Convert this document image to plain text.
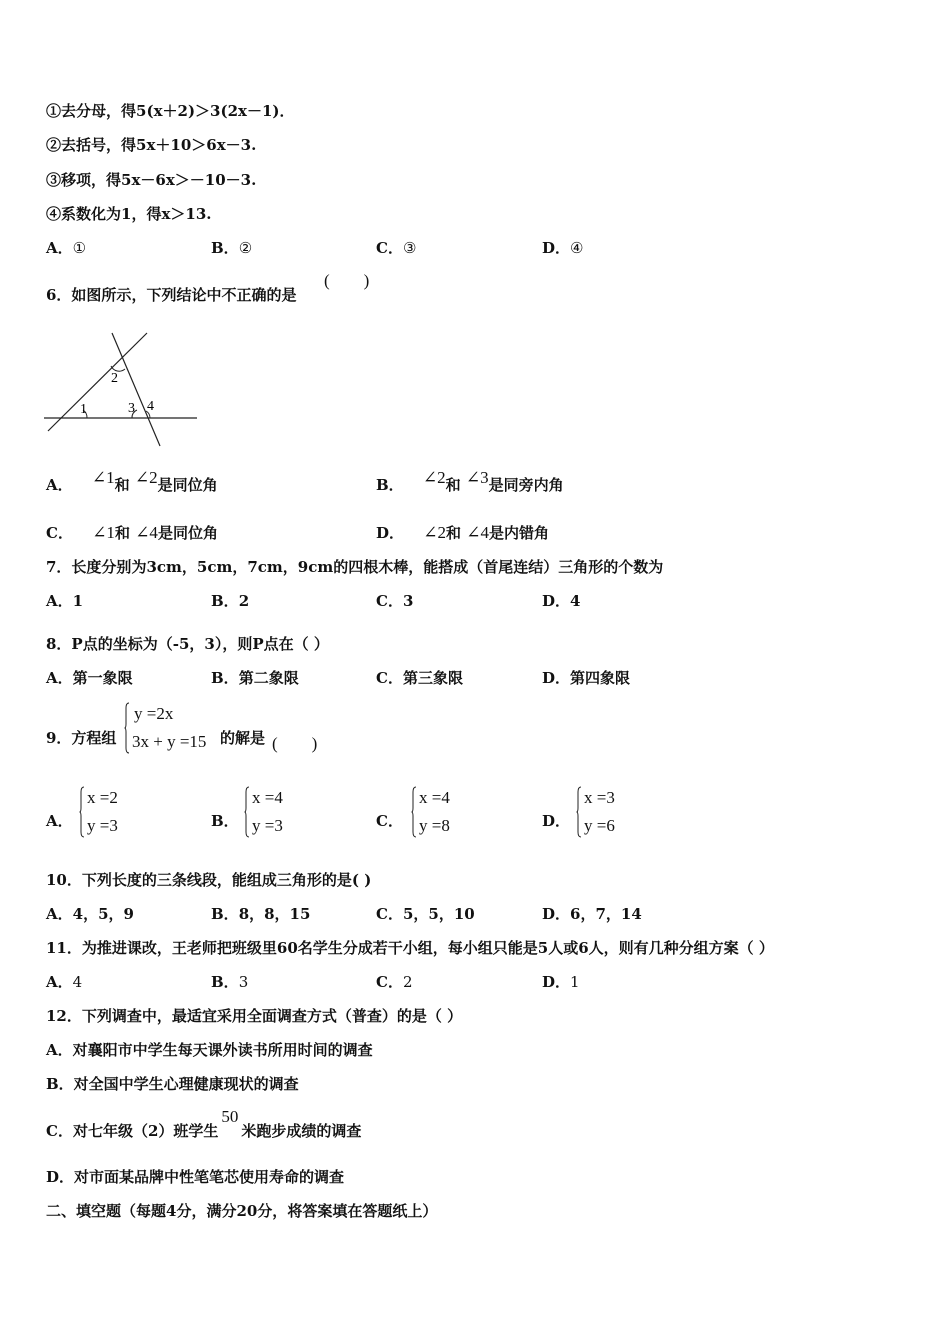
①去分母，得5(x＋2)＞3(2x－1)．
②去括号，得5x＋10＞6x－3.
③移项，得5x－6x＞－10－3.
④系数化为1，得x＞13.
A．①	B．②	C．③	D．④
6．如图所示，下列结论中不正确的是
(        )
1
2
3 4
A． ∠1和 ∠2是同位角	B． ∠2和 ∠3是同旁内角
C． ∠1和 ∠4是同位角	D． ∠2和 ∠4是内错角
7．长度分别为3cm，5cm，7cm，9cm的四根木棒，能搭成（首尾连结）三角形的个数为
A．1	B．2	C．3	D．4
8．P点的坐标为（-5，3），则P点在（ ）
A．第一象限	B．第二象限	C．第三象限	D．第四象限
9．方程组
y =2x
3x + y =15 的解是 (        )
A．
x =2
y =3	B．
x =4
y =3	C．
x =4
y =8	D．
x =3
y =6
10．下列长度的三条线段，能组成三角形的是( )
A．4，5，9	B．8，8，15	C．5，5，10	D．6，7，14
11．为推进课改，王老师把班级里60名学生分成若干小组，每小组只能是5人或6人，则有几种分组方案（ ）
A．4	B．3	C．2	D．1
12．下列调查中，最适宜采用全面调查方式（普查）的是（ ）
A．对襄阳市中学生每天课外读书所用时间的调查
B．对全国中学生心理健康现状的调查
C．对七年级（2）班学生50米跑步成绩的调查
D．对市面某品牌中性笔笔芯使用寿命的调查
二、填空题（每题4分，满分20分，将答案填在答题纸上）
